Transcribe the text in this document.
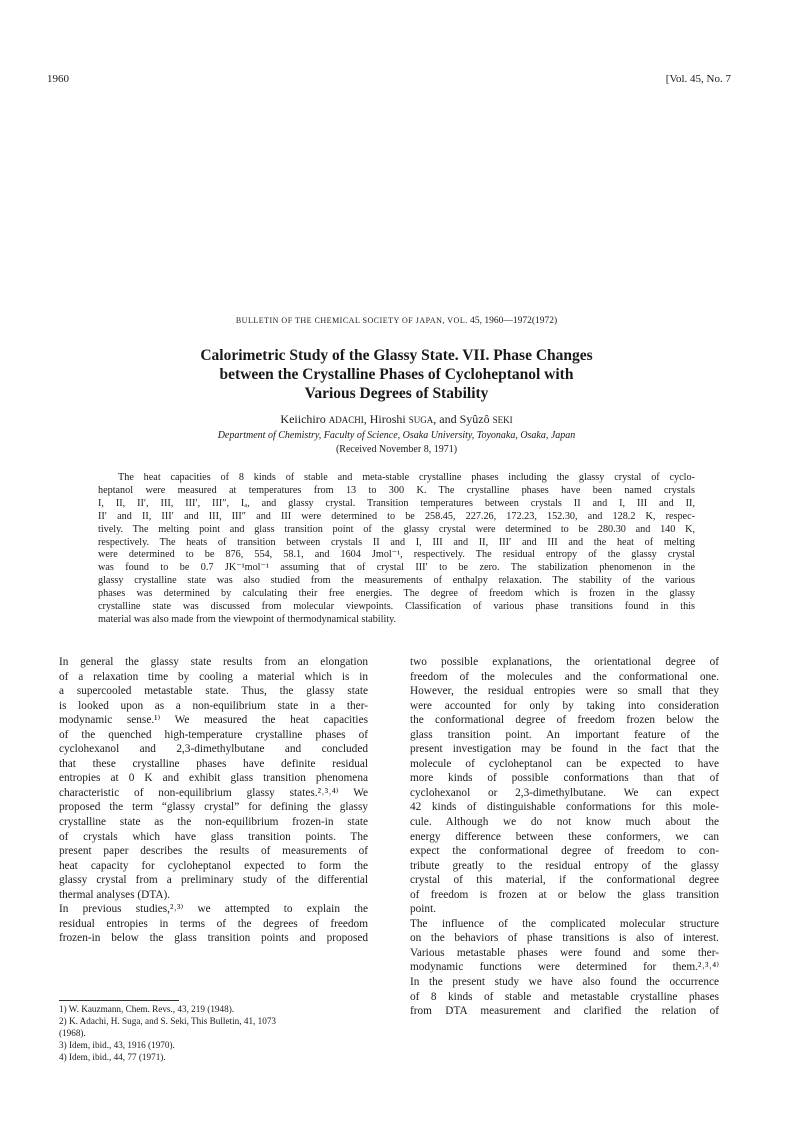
1960	[Vol. 45, No. 7
BULLETIN OF THE CHEMICAL SOCIETY OF JAPAN, VOL. 45, 1960—1972(1972)
Calorimetric Study of the Glassy State. VII. Phase Changes
between the Crystalline Phases of Cycloheptanol with
Various Degrees of Stability
Keiichiro ADACHI, Hiroshi SUGA, and Syûzô SEKI
Department of Chemistry, Faculty of Science, Osaka University, Toyonaka, Osaka, Japan
(Received November 8, 1971)
The heat capacities of 8 kinds of stable and meta-stable crystalline phases including the glassy crystal of cyclo-
heptanol were measured at temperatures from 13 to 300 K. The crystalline phases have been named crystals
I, II, II′, III, III′, III″, Iₐ, and glassy crystal. Transition temperatures between crystals II and I, III and II,
II′ and II, III′ and III, III″ and III were determined to be 258.45, 227.26, 172.23, 152.30, and 128.2 K, respec-
tively. The melting point and glass transition point of the glassy crystal were determined to be 280.30 and 140 K,
respectively. The heats of transition between crystals II and I, III and II, III′ and III and the heat of melting
were determined to be 876, 554, 58.1, and 1604 Jmol⁻¹, respectively. The residual entropy of the glassy crystal
was found to be 0.7 JK⁻¹mol⁻¹ assuming that of crystal III′ to be zero. The stabilization phenomenon in the
glassy crystalline state was also studied from the measurements of enthalpy relaxation. The stability of the various
phases was determined by calculating their free energies. The degree of freedom which is frozen in the glassy
crystalline state was discussed from molecular viewpoints. Classification of various phase transitions found in this
material was also made from the viewpoint of thermodynamical stability.
In general the glassy state results from an elongation
of a relaxation time by cooling a material which is in
a supercooled metastable state. Thus, the glassy state
is looked upon as a non-equilibrium state in a ther-
modynamic sense.¹⁾ We measured the heat capacities
of the quenched high-temperature crystalline phases of
cyclohexanol and 2,3-dimethylbutane and concluded
that these crystalline phases have definite residual
entropies at 0 K and exhibit glass transition phenomena
characteristic of non-equilibrium glassy states.²˒³˒⁴⁾ We
proposed the term “glassy crystal” for defining the glassy
crystalline state as the non-equilibrium frozen-in state
of crystals which have glass transition points. The
present paper describes the results of measurements of
heat capacity for cycloheptanol expected to form the
glassy crystal from a preliminary study of the differential
thermal analyses (DTA).
In previous studies,²˒³⁾ we attempted to explain the
residual entropies in terms of the degrees of freedom
frozen-in below the glass transition points and proposed
two possible explanations, the orientational degree of
freedom of the molecules and the conformational one.
However, the residual entropies were so small that they
were accounted for only by taking into consideration
the conformational degree of freedom frozen below the
glass transition point. An important feature of the
present investigation may be found in the fact that the
molecule of cycloheptanol can be expected to have
more kinds of possible conformations than that of
cyclohexanol or 2,3-dimethylbutane. We can expect
42 kinds of distinguishable conformations for this mole-
cule. Although we do not know much about the
energy difference between these conformers, we can
expect the conformational degree of freedom to con-
tribute greatly to the residual entropy of the glassy
crystal of this material, if the conformational degree
of freedom is frozen at or below the glass transition
point.
The influence of the complicated molecular structure
on the behaviors of phase transitions is also of interest.
Various metastable phases were found and some ther-
modynamic functions were determined for them.²˒³˒⁴⁾
In the present study we have also found the occurrence
of 8 kinds of stable and metastable crystalline phases
from DTA measurement and clarified the relation of
1) W. Kauzmann, Chem. Revs., 43, 219 (1948).
2) K. Adachi, H. Suga, and S. Seki, This Bulletin, 41, 1073
(1968).
3) Idem, ibid., 43, 1916 (1970).
4) Idem, ibid., 44, 77 (1971).
